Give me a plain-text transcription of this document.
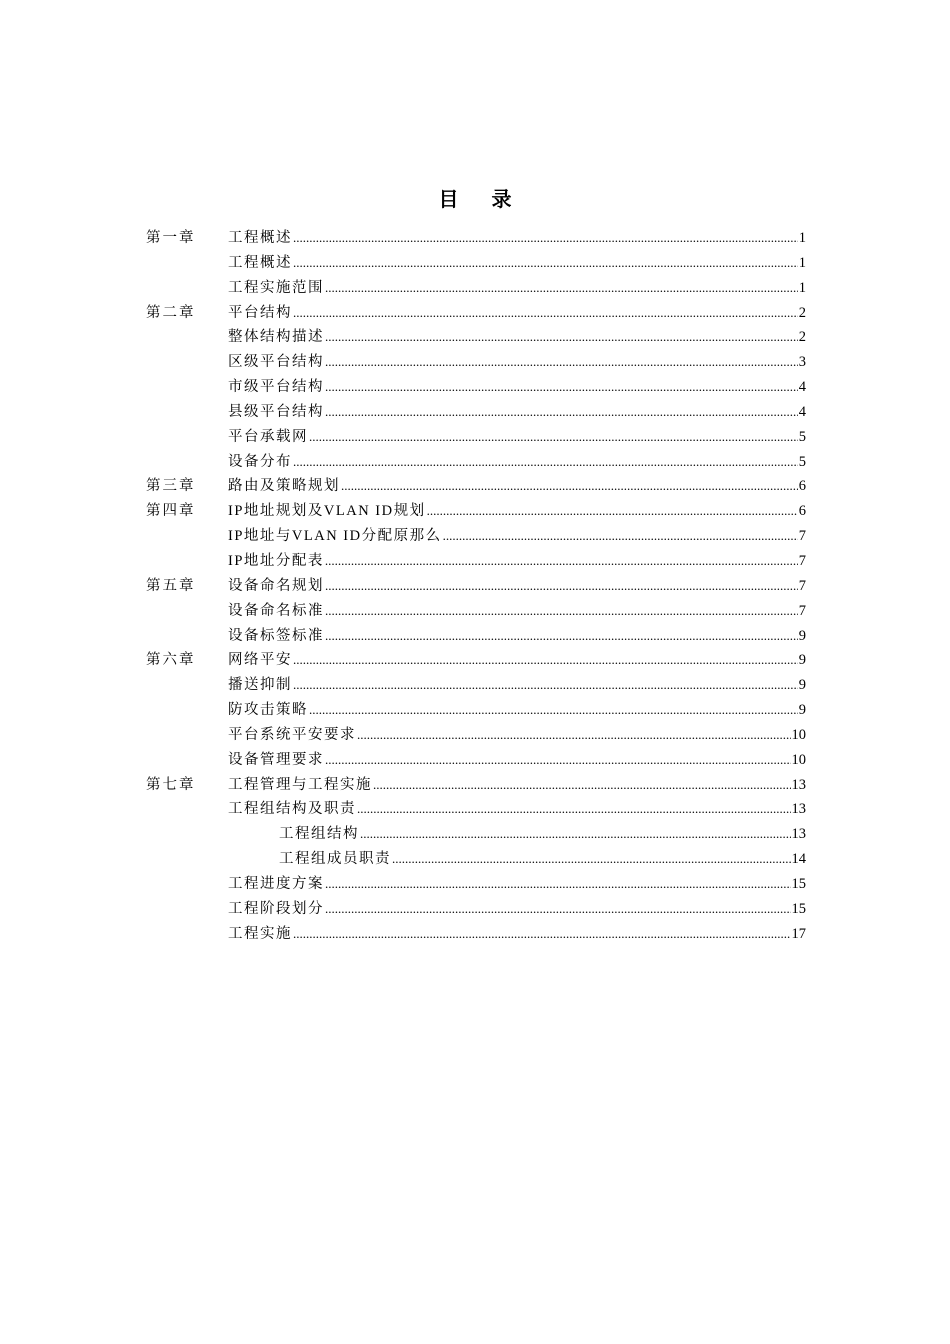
目 录
第一章	工程概述 .....	1
工程概述 .....	1
工程实施范围 .....	1
第二章	平台结构 .....	2
整体结构描述 .....	2
区级平台结构 .....	3
市级平台结构 .....	4
县级平台结构 .....	4
平台承载网 .....	5
设备分布 .....	5
第三章	路由及策略规划 .....	6
第四章	IP地址规划及VLAN ID规划 .....	6
IP地址与VLAN ID分配原那么 .....	7
IP地址分配表 .....	7
第五章	设备命名规划 .....	7
设备命名标准 .....	7
设备标签标准 .....	9
第六章	网络平安 .....	9
播送抑制 .....	9
防攻击策略 .....	9
平台系统平安要求 .....	10
设备管理要求 .....	10
第七章	工程管理与工程实施 .....	13
工程组结构及职责 .....	13
工程组结构 .....	13
工程组成员职责 .....	14
工程进度方案 .....	15
工程阶段划分 .....	15
工程实施 .....	17
